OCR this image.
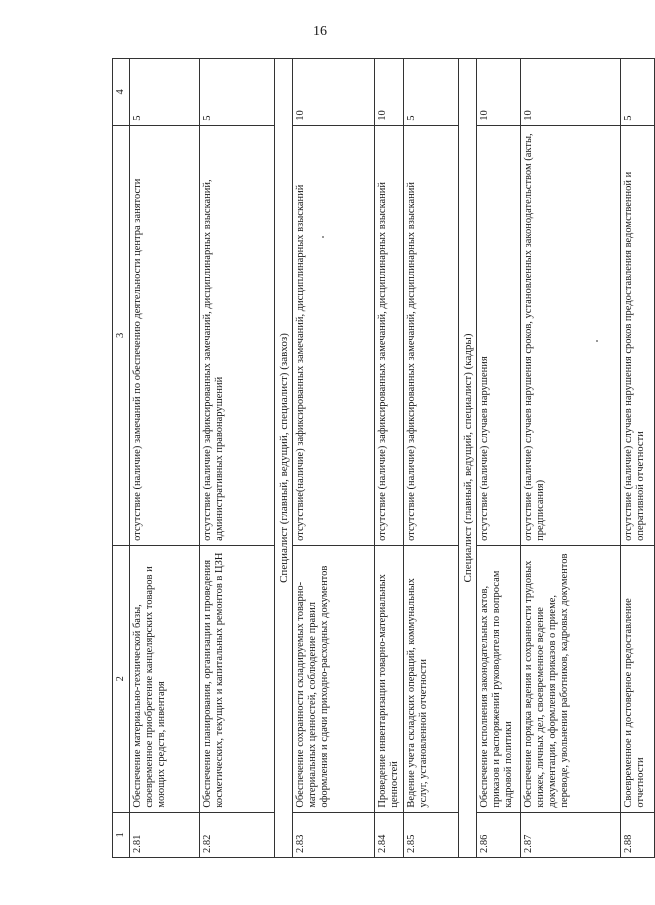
16
1	2	3	4
2.81	Обеспечение материально-технической базы, своевременное приобретение канцелярских товаров и моющих средств, инвентаря	отсутствие (наличие) замечаний по обеспечению деятельности центра занятости	5
2.82	Обеспечение планирования, организации и проведения косметических, текущих и капитальных ремонтов в ЦЗН	отсутствие (наличие) зафиксированных замечаний, дисциплинарных взысканий, административных правонарушений	5
Специалист (главный, ведущий, специалист) (завхоз)			
2.83	Обеспечение сохранности складируемых товарно-материальных ценностей, соблюдение правил оформления и сдачи приходно-расходных документов	отсутствие(наличие) зафиксированных замечаний, дисциплинарных взысканий	10
2.84	Проведение инвентаризации товарно-материальных ценностей	отсутствие (наличие) зафиксированных замечаний, дисциплинарных взысканий	10
2.85	Ведение учета складских операций, коммунальных услуг, установленной отчетности	отсутствие (наличие) зафиксированных замечаний, дисциплинарных взысканий	5
Специалист (главный, ведущий, специалист) (кадры)			
2.86	Обеспечение исполнения законодательных актов, приказов и распоряжений руководителя по вопросам кадровой политики	отсутствие (наличие) случаев нарушения	10
2.87	Обеспечение порядка ведения и сохранности трудовых книжек, личных дел, своевременное ведение документации, оформления приказов о приеме, переводе, увольнении работников, кадровых документов	отсутствие (наличие) случаев нарушения сроков, установленных законодательством (акты, предписания)	10
2.88	Своевременное и достоверное предоставление отчетности	отсутствие (наличие) случаев нарушения сроков предоставления ведомственной и оперативной отчетности	5
